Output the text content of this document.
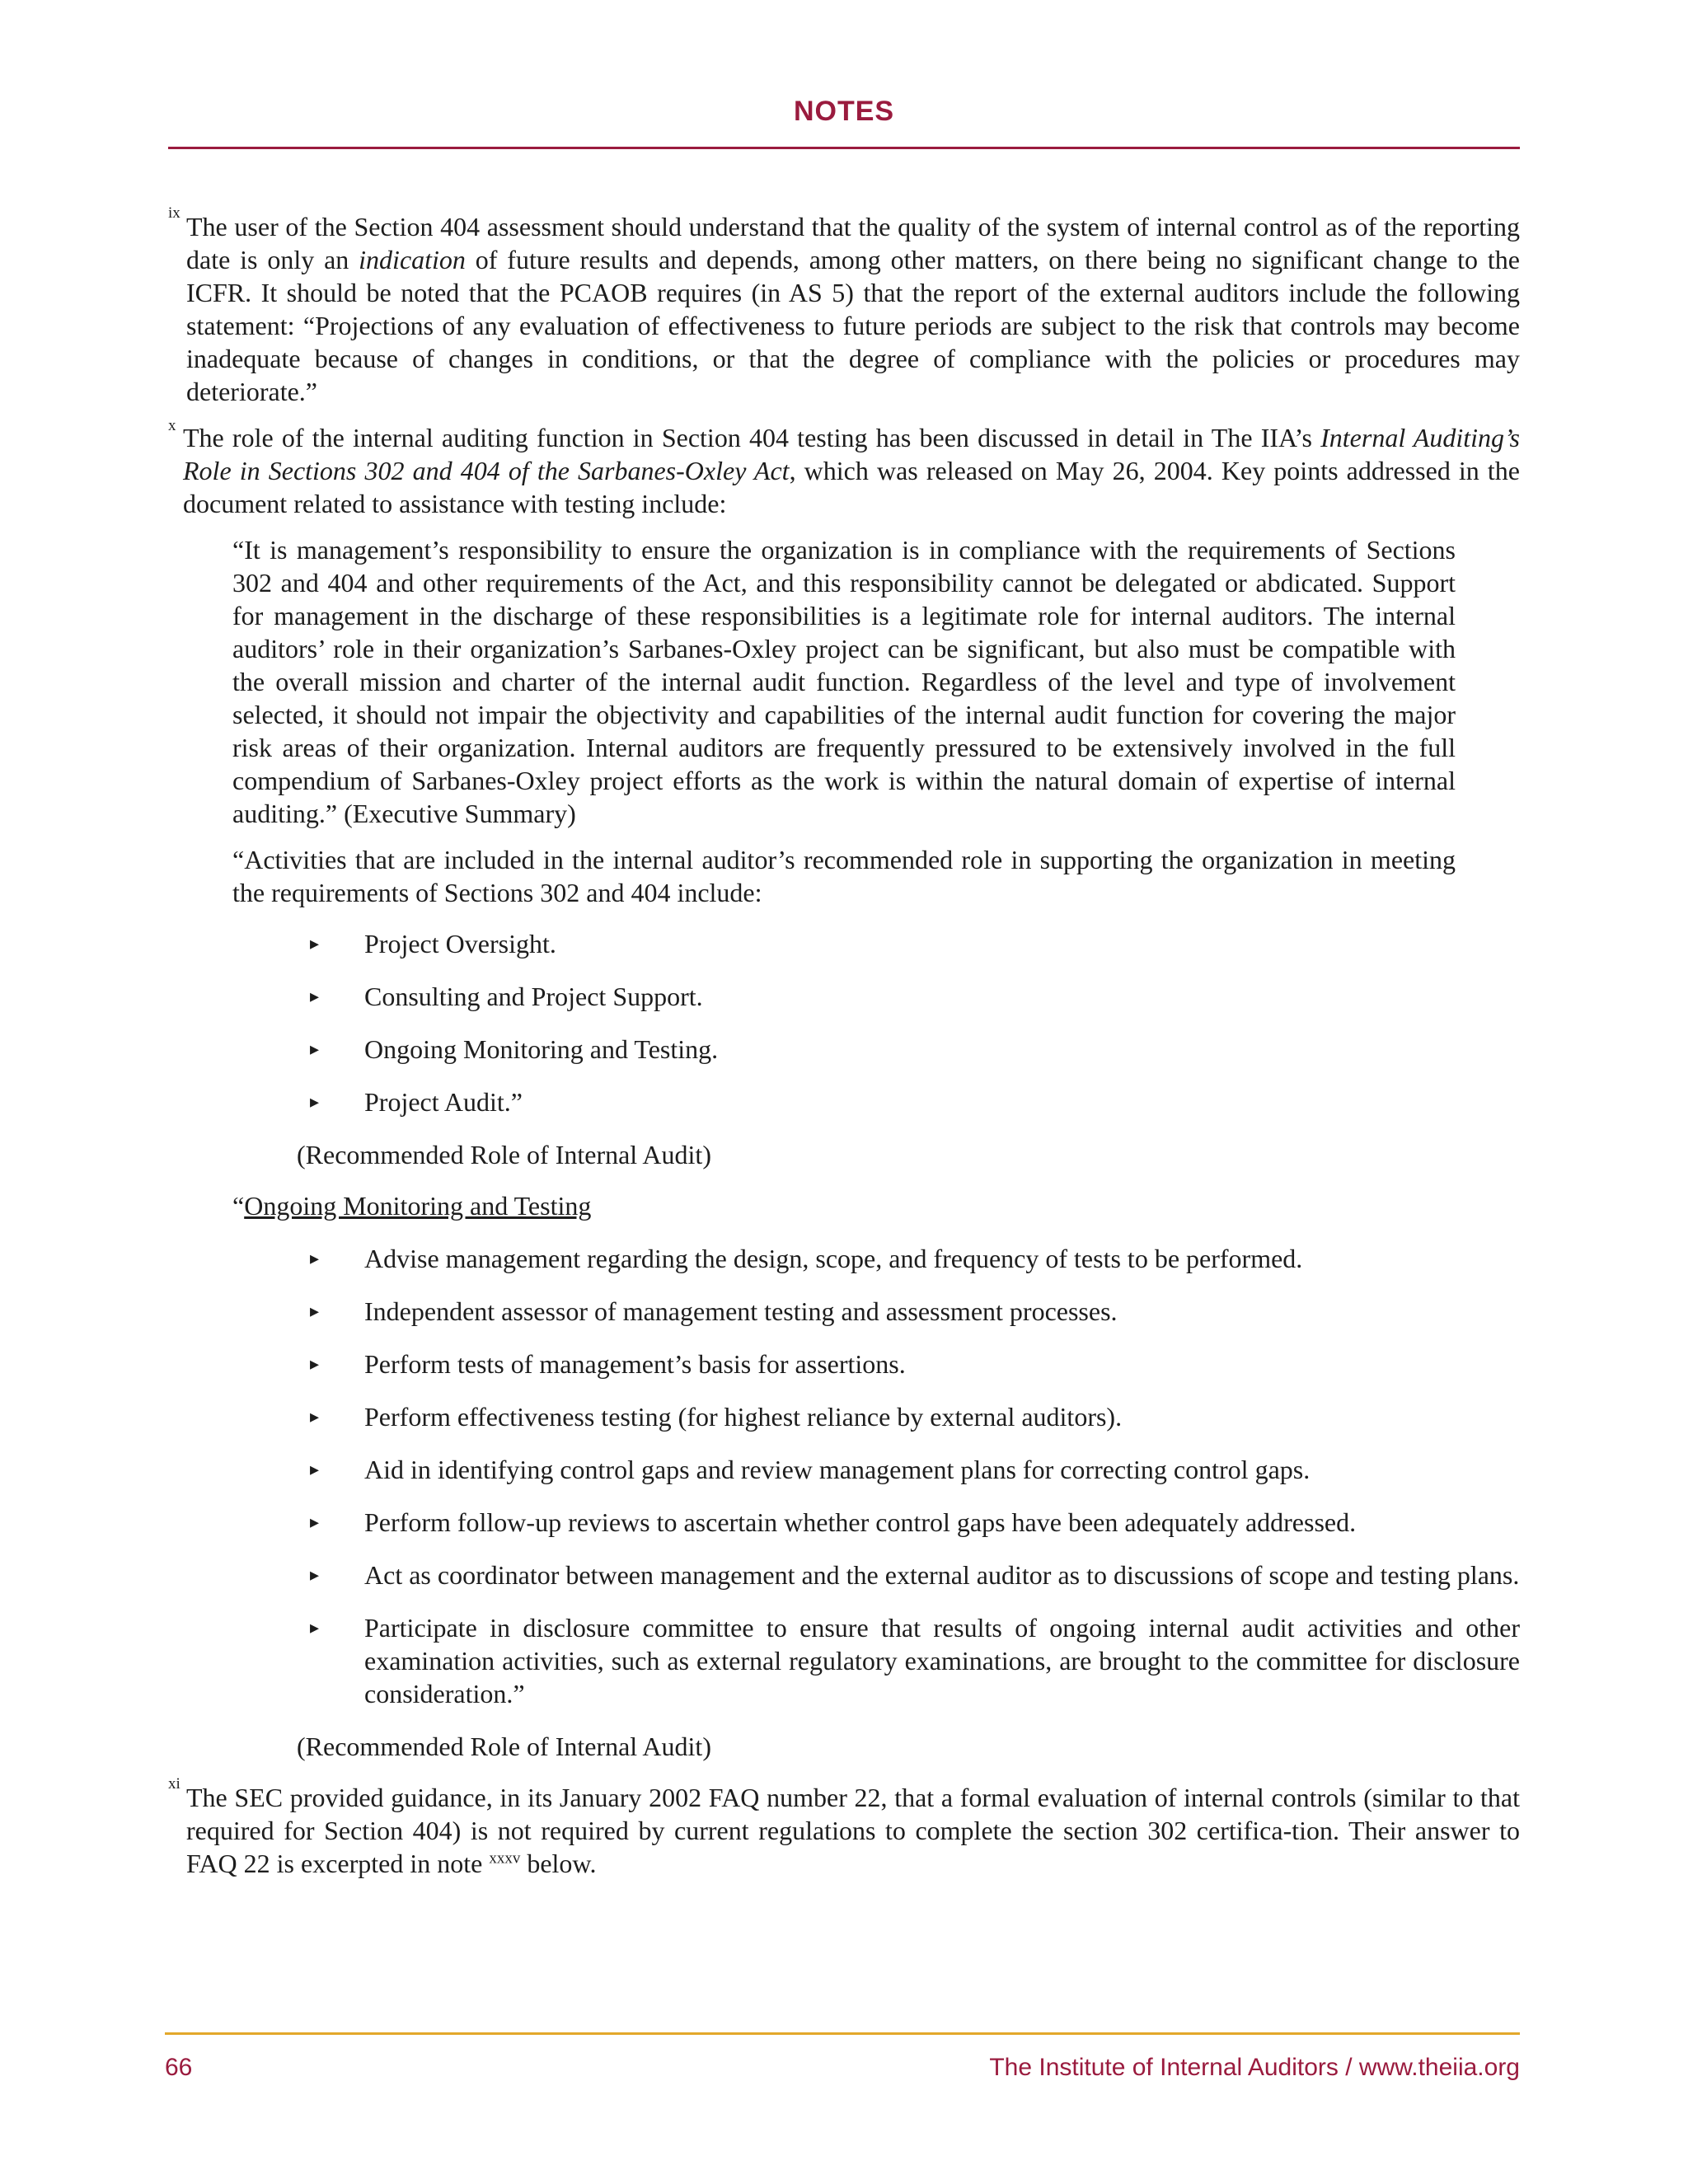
NOTES
ix The user of the Section 404 assessment should understand that the quality of the system of internal control as of the reporting date is only an indication of future results and depends, among other matters, on there being no significant change to the ICFR. It should be noted that the PCAOB requires (in AS 5) that the report of the external auditors include the following statement: “Projections of any evaluation of effectiveness to future periods are subject to the risk that controls may become inadequate because of changes in conditions, or that the degree of compliance with the policies or procedures may deteriorate.”
x The role of the internal auditing function in Section 404 testing has been discussed in detail in The IIA’s Internal Auditing’s Role in Sections 302 and 404 of the Sarbanes-Oxley Act, which was released on May 26, 2004. Key points addressed in the document related to assistance with testing include:
“It is management’s responsibility to ensure the organization is in compliance with the requirements of Sections 302 and 404 and other requirements of the Act, and this responsibility cannot be delegated or abdicated. Support for management in the discharge of these responsibilities is a legitimate role for internal auditors. The internal auditors’ role in their organization’s Sarbanes-Oxley project can be significant, but also must be compatible with the overall mission and charter of the internal audit function. Regardless of the level and type of involvement selected, it should not impair the objectivity and capabilities of the internal audit function for covering the major risk areas of their organization. Internal auditors are frequently pressured to be extensively involved in the full compendium of Sarbanes-Oxley project efforts as the work is within the natural domain of expertise of internal auditing.” (Executive Summary)
“Activities that are included in the internal auditor’s recommended role in supporting the organization in meeting the requirements of Sections 302 and 404 include:
▸ Project Oversight.
▸ Consulting and Project Support.
▸ Ongoing Monitoring and Testing.
▸ Project Audit.”
(Recommended Role of Internal Audit)
“Ongoing Monitoring and Testing
▸ Advise management regarding the design, scope, and frequency of tests to be performed.
▸ Independent assessor of management testing and assessment processes.
▸ Perform tests of management’s basis for assertions.
▸ Perform effectiveness testing (for highest reliance by external auditors).
▸ Aid in identifying control gaps and review management plans for correcting control gaps.
▸ Perform follow-up reviews to ascertain whether control gaps have been adequately addressed.
▸ Act as coordinator between management and the external auditor as to discussions of scope and testing plans.
▸ Participate in disclosure committee to ensure that results of ongoing internal audit activities and other examination activities, such as external regulatory examinations, are brought to the committee for disclosure consideration.”
(Recommended Role of Internal Audit)
xi The SEC provided guidance, in its January 2002 FAQ number 22, that a formal evaluation of internal controls (similar to that required for Section 404) is not required by current regulations to complete the section 302 certifica-tion. Their answer to FAQ 22 is excerpted in note $^{xxxv}$ below.
66	The Institute of Internal Auditors / www.theiia.org
